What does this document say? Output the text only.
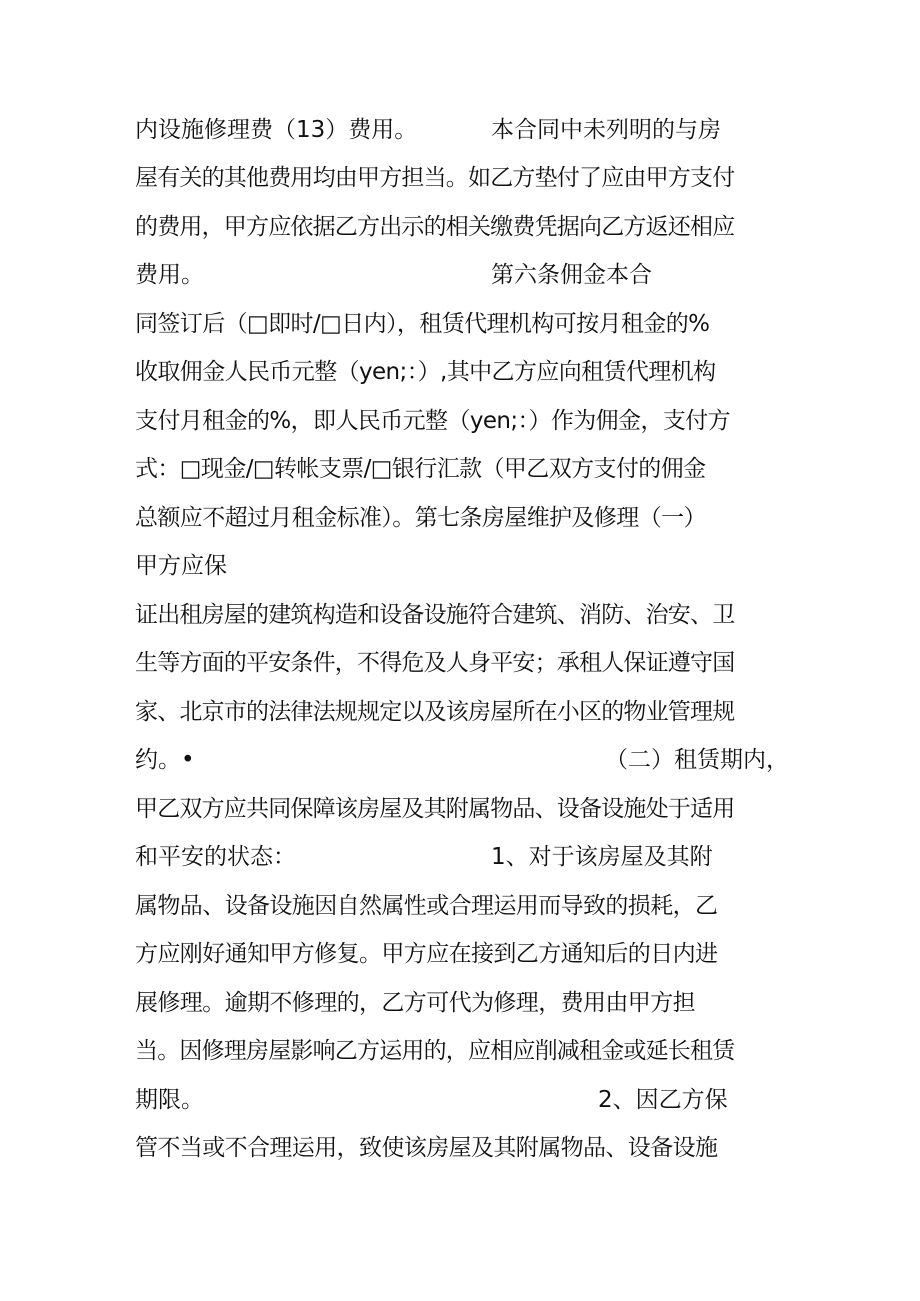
内设施修理费（13）费用。	本合同中未列明的与房
屋有关的其他费用均由甲方担当。如乙方垫付了应由甲方支付
的费用，甲方应依据乙方出示的相关缴费凭据向乙方返还相应
费用。	第六条佣金本合
同签订后（□即时/□日内），租赁代理机构可按月租金的%
收取佣金人民币元整（yen;：）,其中乙方应向租赁代理机构
支付月租金的%，即人民币元整（yen;：）作为佣金，支付方
式：□现金/□转帐支票/□银行汇款（甲乙双方支付的佣金
总额应不超过月租金标准）。第七条房屋维护及修理（一）
甲方应保
证出租房屋的建筑构造和设备设施符合建筑、消防、治安、卫
生等方面的平安条件，不得危及人身平安；承租人保证遵守国
家、北京市的法律法规规定以及该房屋所在小区的物业管理规
约。•	（二）租赁期内，
甲乙双方应共同保障该房屋及其附属物品、设备设施处于适用
和平安的状态：	1、对于该房屋及其附
属物品、设备设施因自然属性或合理运用而导致的损耗，乙
方应刚好通知甲方修复。甲方应在接到乙方通知后的日内进
展修理。逾期不修理的，乙方可代为修理，费用由甲方担
当。因修理房屋影响乙方运用的，应相应削减租金或延长租赁
期限。	2、因乙方保
管不当或不合理运用，致使该房屋及其附属物品、设备设施
